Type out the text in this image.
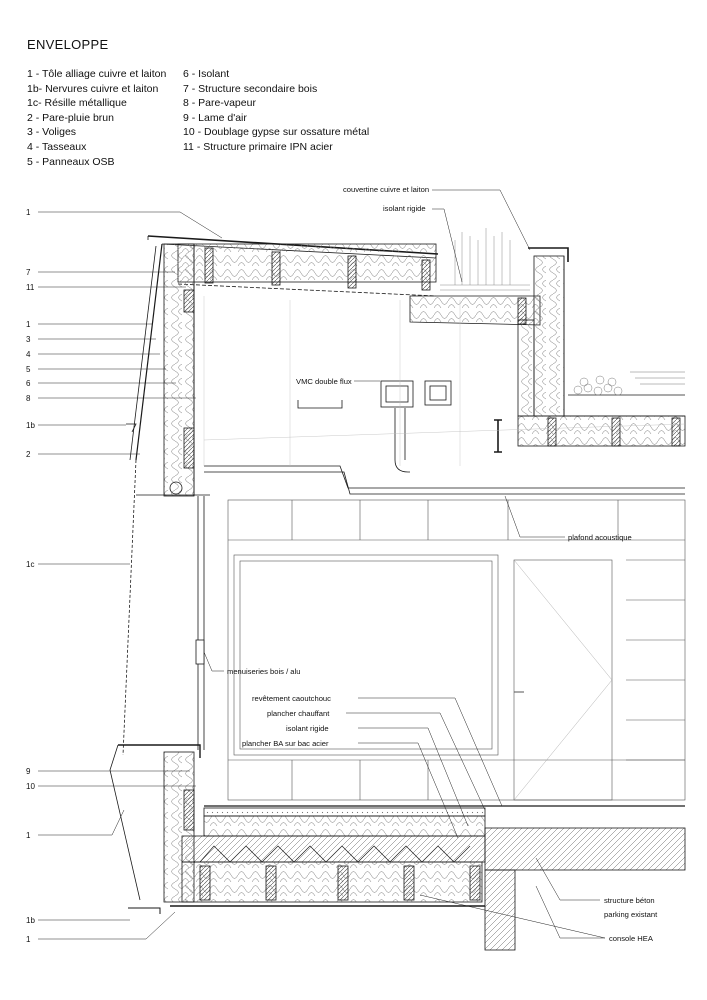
ENVELOPPE
1 - Tôle alliage cuivre et laiton
1b- Nervures cuivre et laiton
1c- Résille métallique
2 - Pare-pluie brun
3 - Voliges
4 - Tasseaux
5 - Panneaux OSB
6 - Isolant
7 - Structure secondaire bois
8 - Pare-vapeur
9 - Lame d'air
10 - Doublage gypse sur ossature métal
11 - Structure primaire IPN acier
1
7
11
1
3
4
5
6
8
1b
2
1c
9
10
1
1b
1
couvertine cuivre et laiton
isolant rigide
VMC double flux
plafond acoustique
menuiseries bois / alu
revêtement caoutchouc
plancher chauffant
isolant rigide
plancher BA sur bac acier
structure béton
parking existant
console HEA
